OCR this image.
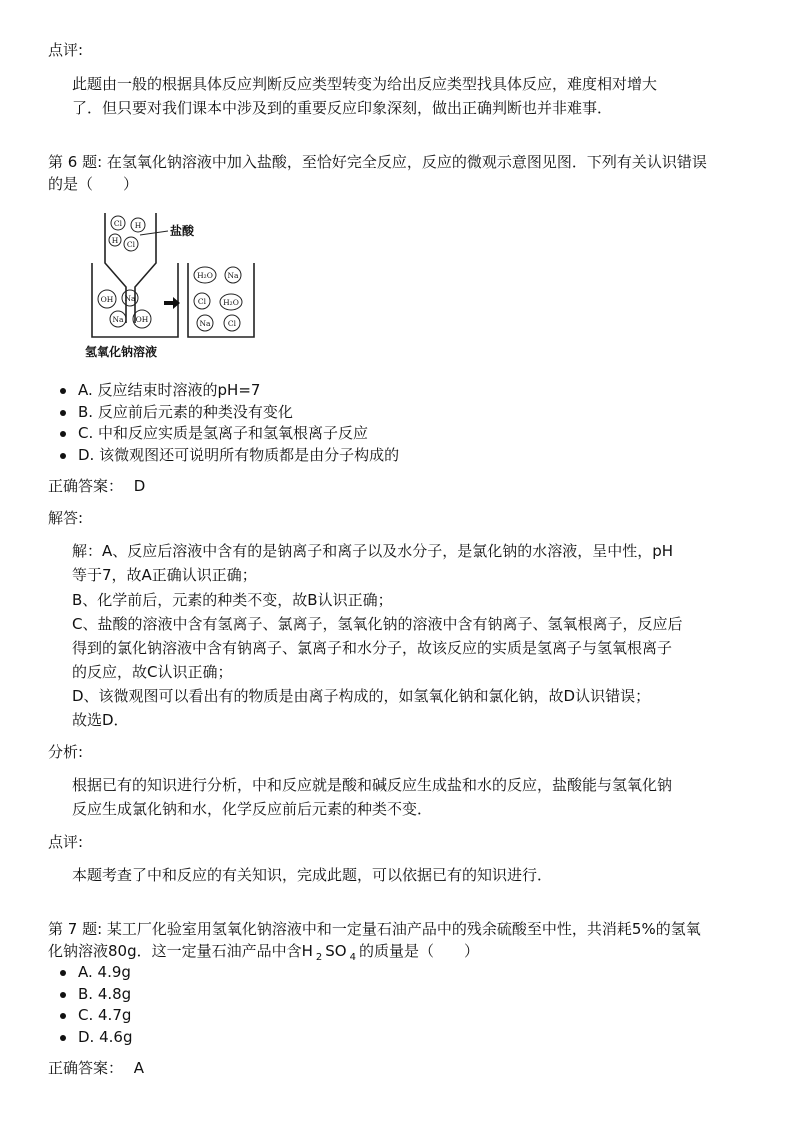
点评:
此题由一般的根据具体反应判断反应类型转变为给出反应类型找具体反应，难度相对增大
了．但只要对我们课本中涉及到的重要反应印象深刻，做出正确判断也并非难事．
第 6 题: 在氢氧化钠溶液中加入盐酸，至恰好完全反应，反应的微观示意图见图．下列有关认识错误
的是（　　）
Cl H
H Cl
OH Na
Na OH
H₂O Na
Cl H₂O
Na Cl
盐酸
氢氧化钠溶液
A. 反应结束时溶液的pH=7
B. 反应前后元素的种类没有变化
C. 中和反应实质是氢离子和氢氧根离子反应
D. 该微观图还可说明所有物质都是由分子构成的
正确答案： D
解答:
解：A、反应后溶液中含有的是钠离子和离子以及水分子，是氯化钠的水溶液，呈中性，pH
等于7，故A正确认识正确；
B、化学前后，元素的种类不变，故B认识正确；
C、盐酸的溶液中含有氢离子、氯离子，氢氧化钠的溶液中含有钠离子、氢氧根离子，反应后
得到的氯化钠溶液中含有钠离子、氯离子和水分子，故该反应的实质是氢离子与氢氧根离子
的反应，故C认识正确；
D、该微观图可以看出有的物质是由离子构成的，如氢氧化钠和氯化钠，故D认识错误；
故选D．
分析:
根据已有的知识进行分析，中和反应就是酸和碱反应生成盐和水的反应，盐酸能与氢氧化钠
反应生成氯化钠和水，化学反应前后元素的种类不变．
点评:
本题考查了中和反应的有关知识，完成此题，可以依据已有的知识进行．
第 7 题: 某工厂化验室用氢氧化钠溶液中和一定量石油产品中的残余硫酸至中性，共消耗5%的氢氧
化钠溶液80g．这一定量石油产品中含H $_2$ SO $_4$ 的质量是（　　）
A. 4.9g
B. 4.8g
C. 4.7g
D. 4.6g
正确答案： A
